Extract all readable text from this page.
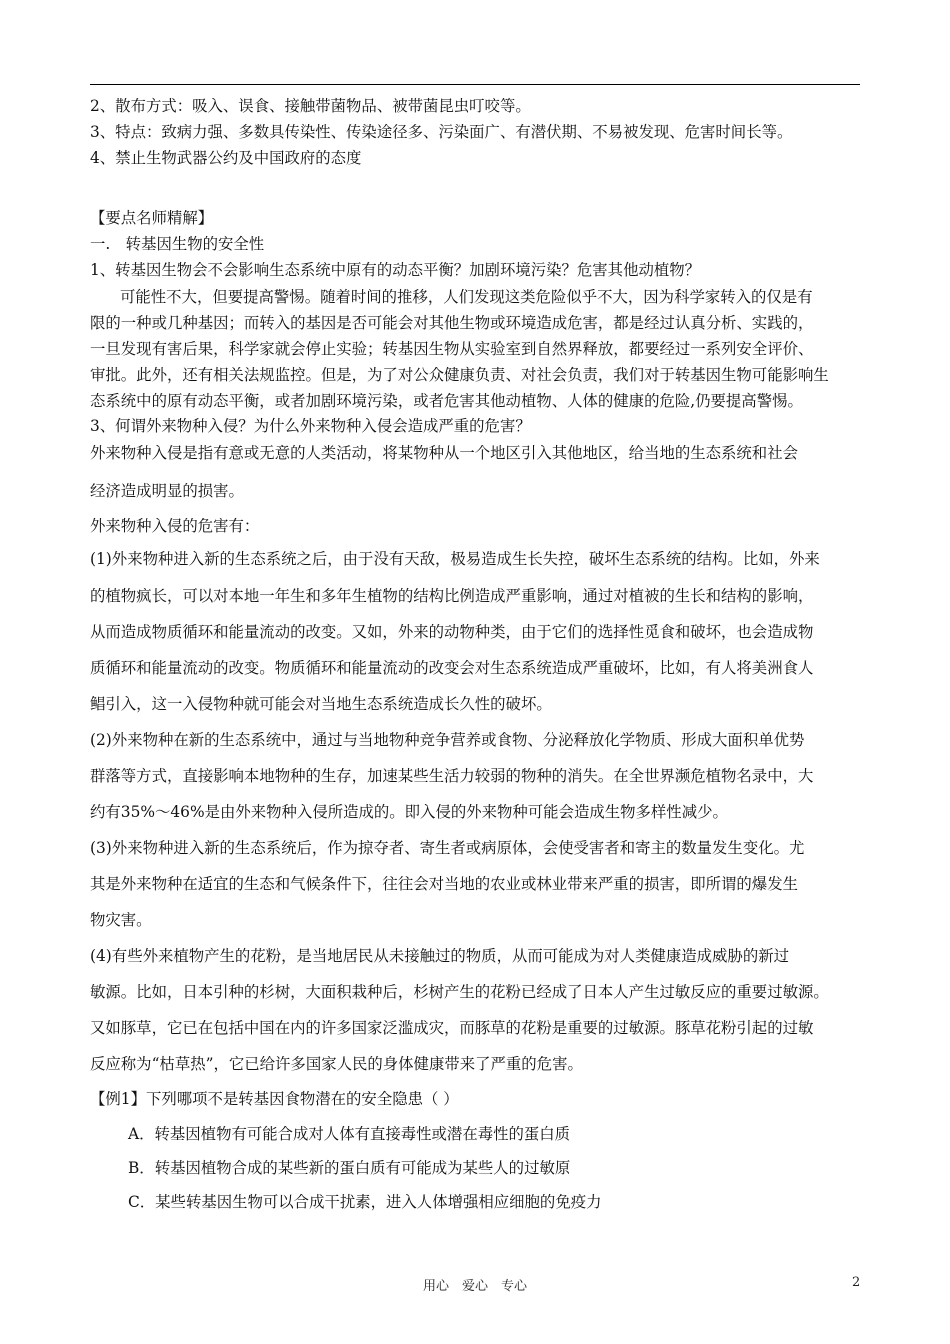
2、散布方式：吸入、误食、接触带菌物品、被带菌昆虫叮咬等。
3、特点：致病力强、多数具传染性、传染途径多、污染面广、有潜伏期、不易被发现、危害时间长等。
4、禁止生物武器公约及中国政府的态度
【要点名师精解】
一.　转基因生物的安全性
1、转基因生物会不会影响生态系统中原有的动态平衡？加剧环境污染？危害其他动植物？
可能性不大，但要提高警惕。随着时间的推移，人们发现这类危险似乎不大，因为科学家转入的仅是有
限的一种或几种基因；而转入的基因是否可能会对其他生物或环境造成危害，都是经过认真分析、实践的，
一旦发现有害后果，科学家就会停止实验；转基因生物从实验室到自然界释放，都要经过一系列安全评价、
审批。此外，还有相关法规监控。但是，为了对公众健康负责、对社会负责，我们对于转基因生物可能影响生
态系统中的原有动态平衡，或者加剧环境污染，或者危害其他动植物、人体的健康的危险,仍要提高警惕。
3、何谓外来物种入侵？为什么外来物种入侵会造成严重的危害？
外来物种入侵是指有意或无意的人类活动，将某物种从一个地区引入其他地区，给当地的生态系统和社会
经济造成明显的损害。
外来物种入侵的危害有：
(1)外来物种进入新的生态系统之后，由于没有天敌，极易造成生长失控，破坏生态系统的结构。比如，外来
的植物疯长，可以对本地一年生和多年生植物的结构比例造成严重影响，通过对植被的生长和结构的影响，
从而造成物质循环和能量流动的改变。又如，外来的动物种类，由于它们的选择性觅食和破坏，也会造成物
质循环和能量流动的改变。物质循环和能量流动的改变会对生态系统造成严重破坏，比如，有人将美洲食人
鲳引入，这一入侵物种就可能会对当地生态系统造成长久性的破坏。
(2)外来物种在新的生态系统中，通过与当地物种竞争营养或食物、分泌释放化学物质、形成大面积单优势
群落等方式，直接影响本地物种的生存，加速某些生活力较弱的物种的消失。在全世界濒危植物名录中，大
约有35%～46%是由外来物种入侵所造成的。即入侵的外来物种可能会造成生物多样性减少。
(3)外来物种进入新的生态系统后，作为掠夺者、寄生者或病原体，会使受害者和寄主的数量发生变化。尤
其是外来物种在适宜的生态和气候条件下，往往会对当地的农业或林业带来严重的损害，即所谓的爆发生
物灾害。
(4)有些外来植物产生的花粉，是当地居民从未接触过的物质，从而可能成为对人类健康造成威胁的新过
敏源。比如，日本引种的杉树，大面积栽种后，杉树产生的花粉已经成了日本人产生过敏反应的重要过敏源。
又如豚草，它已在包括中国在内的许多国家泛滥成灾，而豚草的花粉是重要的过敏源。豚草花粉引起的过敏
反应称为“枯草热”，它已给许多国家人民的身体健康带来了严重的危害。
【例1】下列哪项不是转基因食物潜在的安全隐患（ ）
A．转基因植物有可能合成对人体有直接毒性或潜在毒性的蛋白质
B．转基因植物合成的某些新的蛋白质有可能成为某些人的过敏原
C．某些转基因生物可以合成干扰素，进入人体增强相应细胞的免疫力
用心　爱心　专心	2
